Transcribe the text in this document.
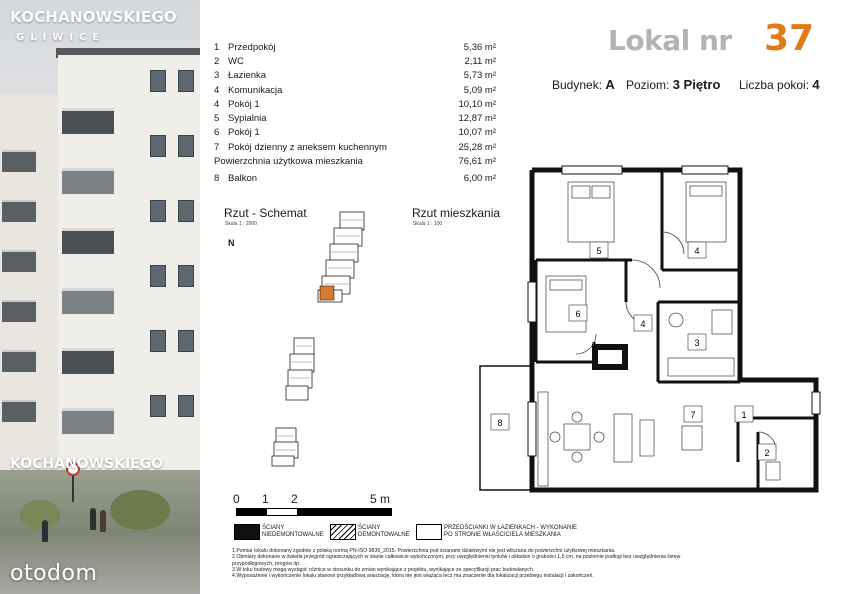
KOCHANOWSKIEGO
GLIWICE
KOCHANOWSKIEGO
otodom
1 Przedpokój	5,36 m²
2 WC	2,11 m²
3 Łazienka	5,73 m²
4 Komunikacja	5,09 m²
4 Pokój 1	10,10 m²
5 Sypialnia	12,87 m²
6 Pokój 1	10,07 m²
7 Pokój dzienny z aneksem kuchennym	25,28 m²
Powierzchnia użytkowa mieszkania	76,61 m²
8 Balkon	6,00 m²
Lokal nr 37
Budynek: A Poziom: 3 Piętro Liczba pokoi: 4
Rzut - Schemat
Skala 1 : 2000
N
Rzut mieszkania
Skala 1 : 100
5	4
6
4
3
8
7	1
2
0 1 2	5 m
ŚCIANY
NIEDEMONTOWALNE
ŚCIANY
DEMONTOWALNE
PRZEDŚCIANKI W ŁAZIENKACH - WYKONANIE
PO STRONIE WŁAŚCICIELA MIESZKANIA
1.Pomiar lokalu dokonany zgodnie z polską normą PN-ISO 9836_2015. Powierzchnia pod ścianami działowymi nie jest wliczana do powierzchni użytkowej mieszkania.
2.Obmiary dokonane w świetle przegród ograniczających w stanie całkowicie wykończonym, przy uwzględnieniu tynków i okładzin o grubości 1,5 cm, na poziomie podłogi bez uwzględnienia listew przypodłogowych, progów itp.
3.W toku budowy mogą wystąpić różnice w stosunku do zmian wynikające z projektu, wynikające ze specyfikacji prac budowlanych.
4.Wyposażenie i wykończenie lokalu stanowi przykładową aranżację, która nie jest wiążąca lecz ma znaczenie dla lokalizacji przebiegu instalacji i zakończeń.
